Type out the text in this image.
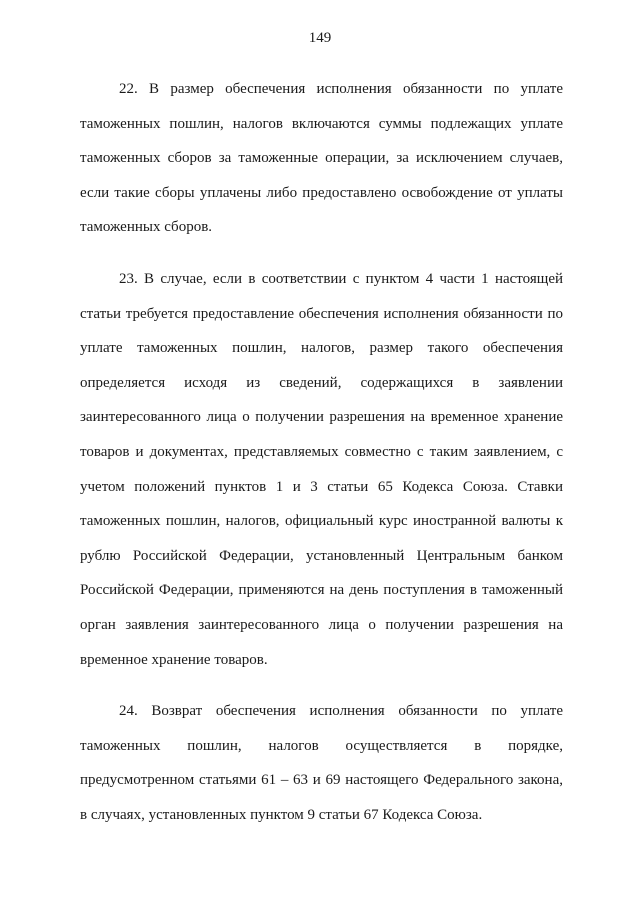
149

22. В размер обеспечения исполнения обязанности по уплате
таможенных пошлин, налогов включаются суммы подлежащих уплате
таможенных сборов за таможенные операции, за исключением случаев,
если такие сборы уплачены либо предоставлено освобождение от уплаты
таможенных сборов.

23. В случае, если в соответствии с пунктом 4 части 1 настоящей
статьи требуется предоставление обеспечения исполнения обязанности по
уплате таможенных пошлин, налогов, размер такого обеспечения
определяется исходя из сведений, содержащихся в заявлении
заинтересованного лица о получении разрешения на временное хранение
товаров и документах, представляемых совместно с таким заявлением, с
учетом положений пунктов 1 и 3 статьи 65 Кодекса Союза. Ставки
таможенных пошлин, налогов, официальный курс иностранной валюты к
рублю Российской Федерации, установленный Центральным банком
Российской Федерации, применяются на день поступления в таможенный
орган заявления заинтересованного лица о получении разрешения на
временное хранение товаров.

24. Возврат обеспечения исполнения обязанности по уплате
таможенных пошлин, налогов осуществляется в порядке,
предусмотренном статьями 61 – 63 и 69 настоящего Федерального закона,
в случаях, установленных пунктом 9 статьи 67 Кодекса Союза.
